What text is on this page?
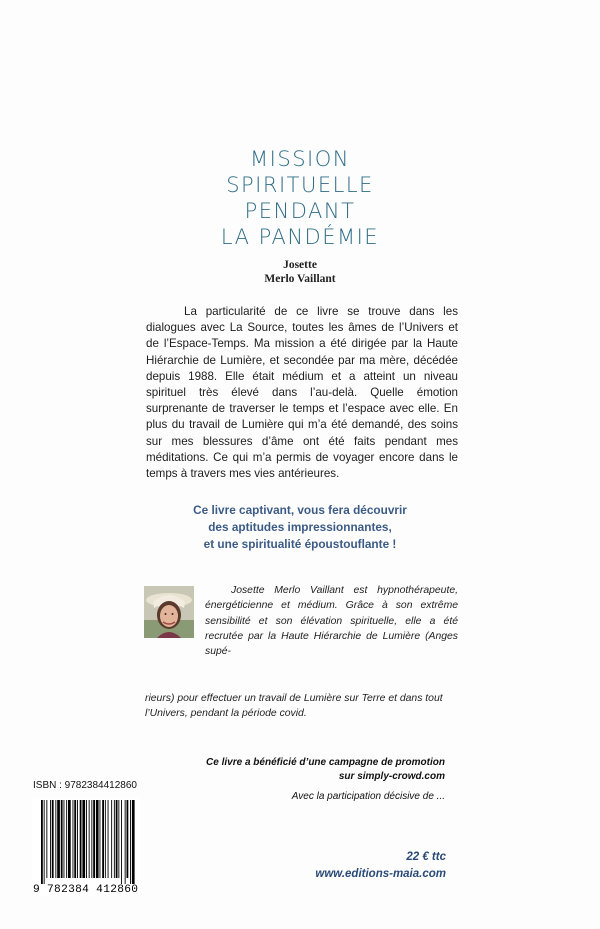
MISSION
SPIRITUELLE
PENDANT
LA PANDÉMIE
Josette
Merlo Vaillant
La particularité de ce livre se trouve dans les dialogues avec La Source, toutes les âmes de l’Univers et de l’Espace-Temps. Ma mission a été dirigée par la Haute Hiérarchie de Lumière, et secondée par ma mère, décédée depuis 1988. Elle était médium et a atteint un niveau spirituel très élevé dans l’au-delà. Quelle émotion surprenante de traverser le temps et l’espace avec elle. En plus du travail de Lumière qui m’a été demandé, des soins sur mes blessures d’âme ont été faits pendant mes méditations. Ce qui m’a permis de voyager encore dans le temps à travers mes vies antérieures.
Ce livre captivant, vous fera découvrir
des aptitudes impressionnantes,
et une spiritualité époustouflante !
Josette Merlo Vaillant est hypnothérapeute, énergéticienne et médium. Grâce à son extrême sensibilité et son élévation spirituelle, elle a été recrutée par la Haute Hiérarchie de Lumière (Anges supé-
rieurs) pour effectuer un travail de Lumière sur Terre et dans tout l’Univers, pendant la période covid.
Ce livre a bénéficié d’une campagne de promotion
sur simply-crowd.com
Avec la participation décisive de ...
ISBN : 9782384412860
9 782384 412860
22 € ttc
www.editions-maia.com
